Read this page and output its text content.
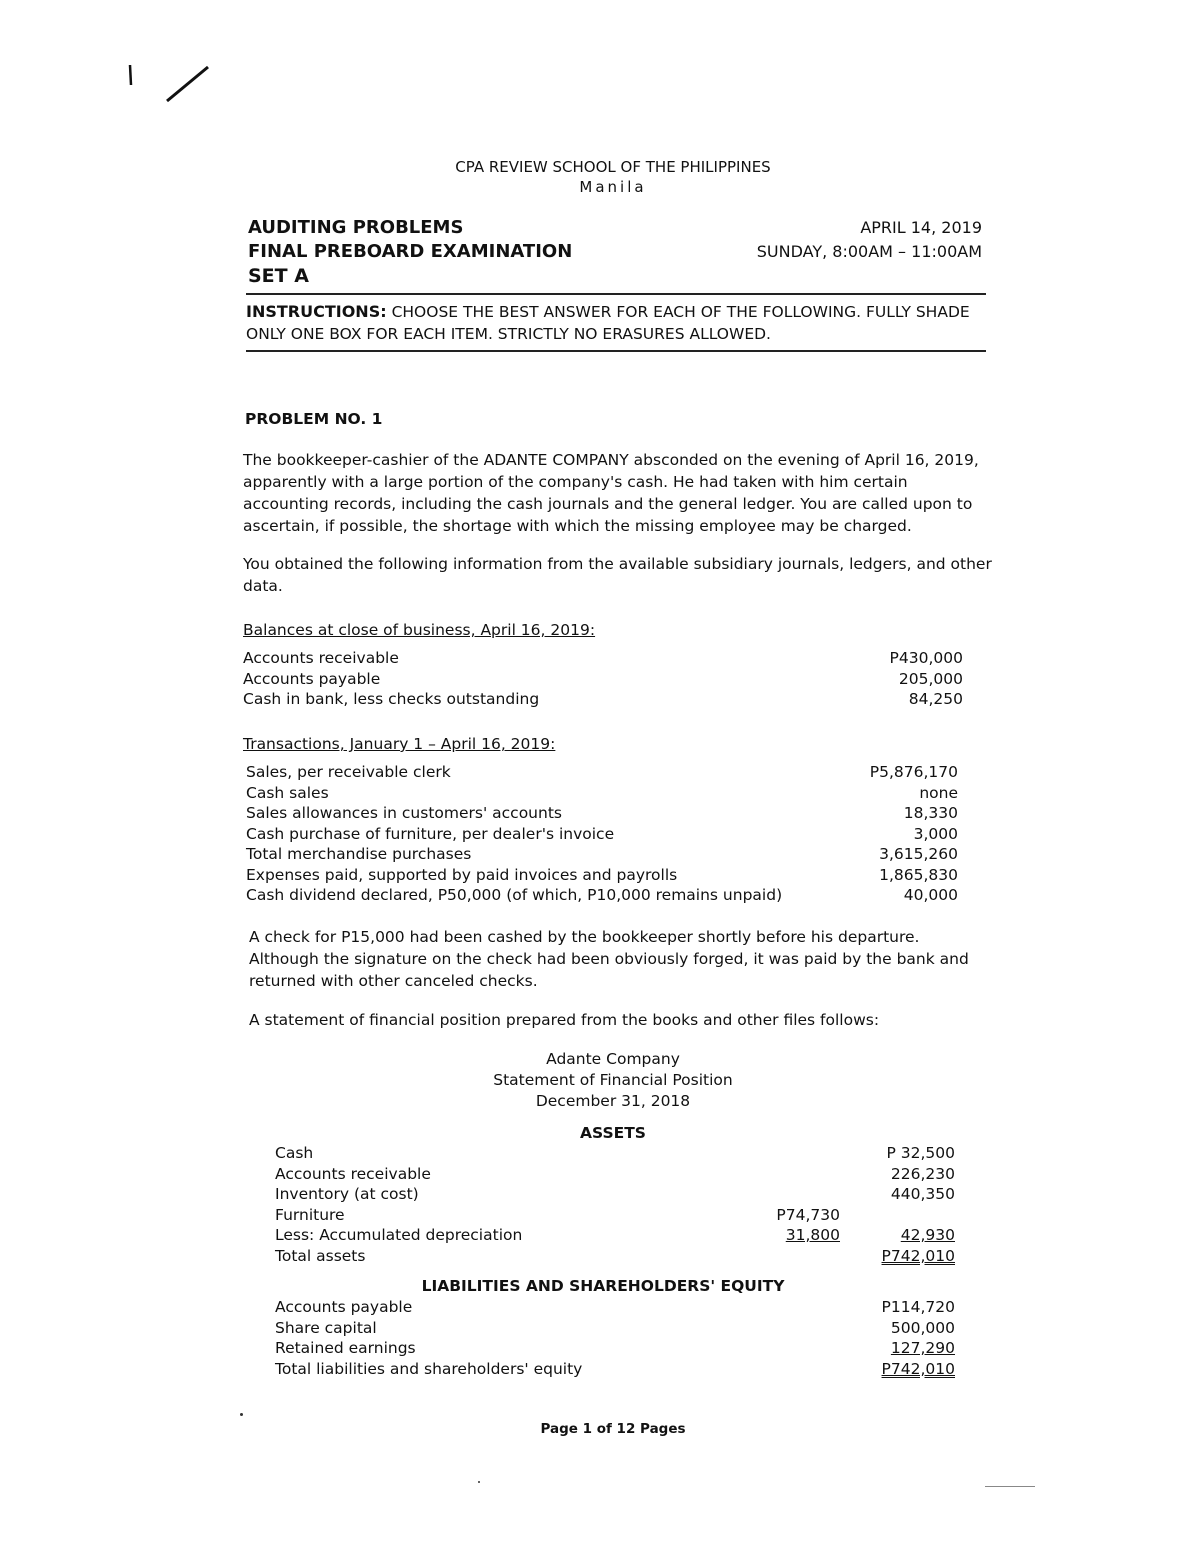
CPA REVIEW SCHOOL OF THE PHILIPPINES
Manila
AUDITING PROBLEMS
FINAL PREBOARD EXAMINATION
SET A
APRIL 14, 2019
SUNDAY, 8:00AM – 11:00AM
INSTRUCTIONS: CHOOSE THE BEST ANSWER FOR EACH OF THE FOLLOWING. FULLY SHADE ONLY ONE BOX FOR EACH ITEM. STRICTLY NO ERASURES ALLOWED.
PROBLEM NO. 1
The bookkeeper-cashier of the ADANTE COMPANY absconded on the evening of April 16, 2019, apparently with a large portion of the company's cash. He had taken with him certain accounting records, including the cash journals and the general ledger. You are called upon to ascertain, if possible, the shortage with which the missing employee may be charged.
You obtained the following information from the available subsidiary journals, ledgers, and other data.
Balances at close of business, April 16, 2019:
Accounts receivable	P430,000
Accounts payable	205,000
Cash in bank, less checks outstanding	84,250
Transactions, January 1 – April 16, 2019:
Sales, per receivable clerk	P5,876,170
Cash sales	none
Sales allowances in customers' accounts	18,330
Cash purchase of furniture, per dealer's invoice	3,000
Total merchandise purchases	3,615,260
Expenses paid, supported by paid invoices and payrolls	1,865,830
Cash dividend declared, P50,000 (of which, P10,000 remains unpaid)	40,000
A check for P15,000 had been cashed by the bookkeeper shortly before his departure. Although the signature on the check had been obviously forged, it was paid by the bank and returned with other canceled checks.
A statement of financial position prepared from the books and other files follows:
Adante Company
Statement of Financial Position
December 31, 2018
ASSETS
Cash	P 32,500
Accounts receivable	226,230
Inventory (at cost)	440,350
Furniture	P74,730
Less: Accumulated depreciation	31,800	42,930
Total assets	P742,010
LIABILITIES AND SHAREHOLDERS' EQUITY
Accounts payable	P114,720
Share capital	500,000
Retained earnings	127,290
Total liabilities and shareholders' equity	P742,010
Page 1 of 12 Pages
